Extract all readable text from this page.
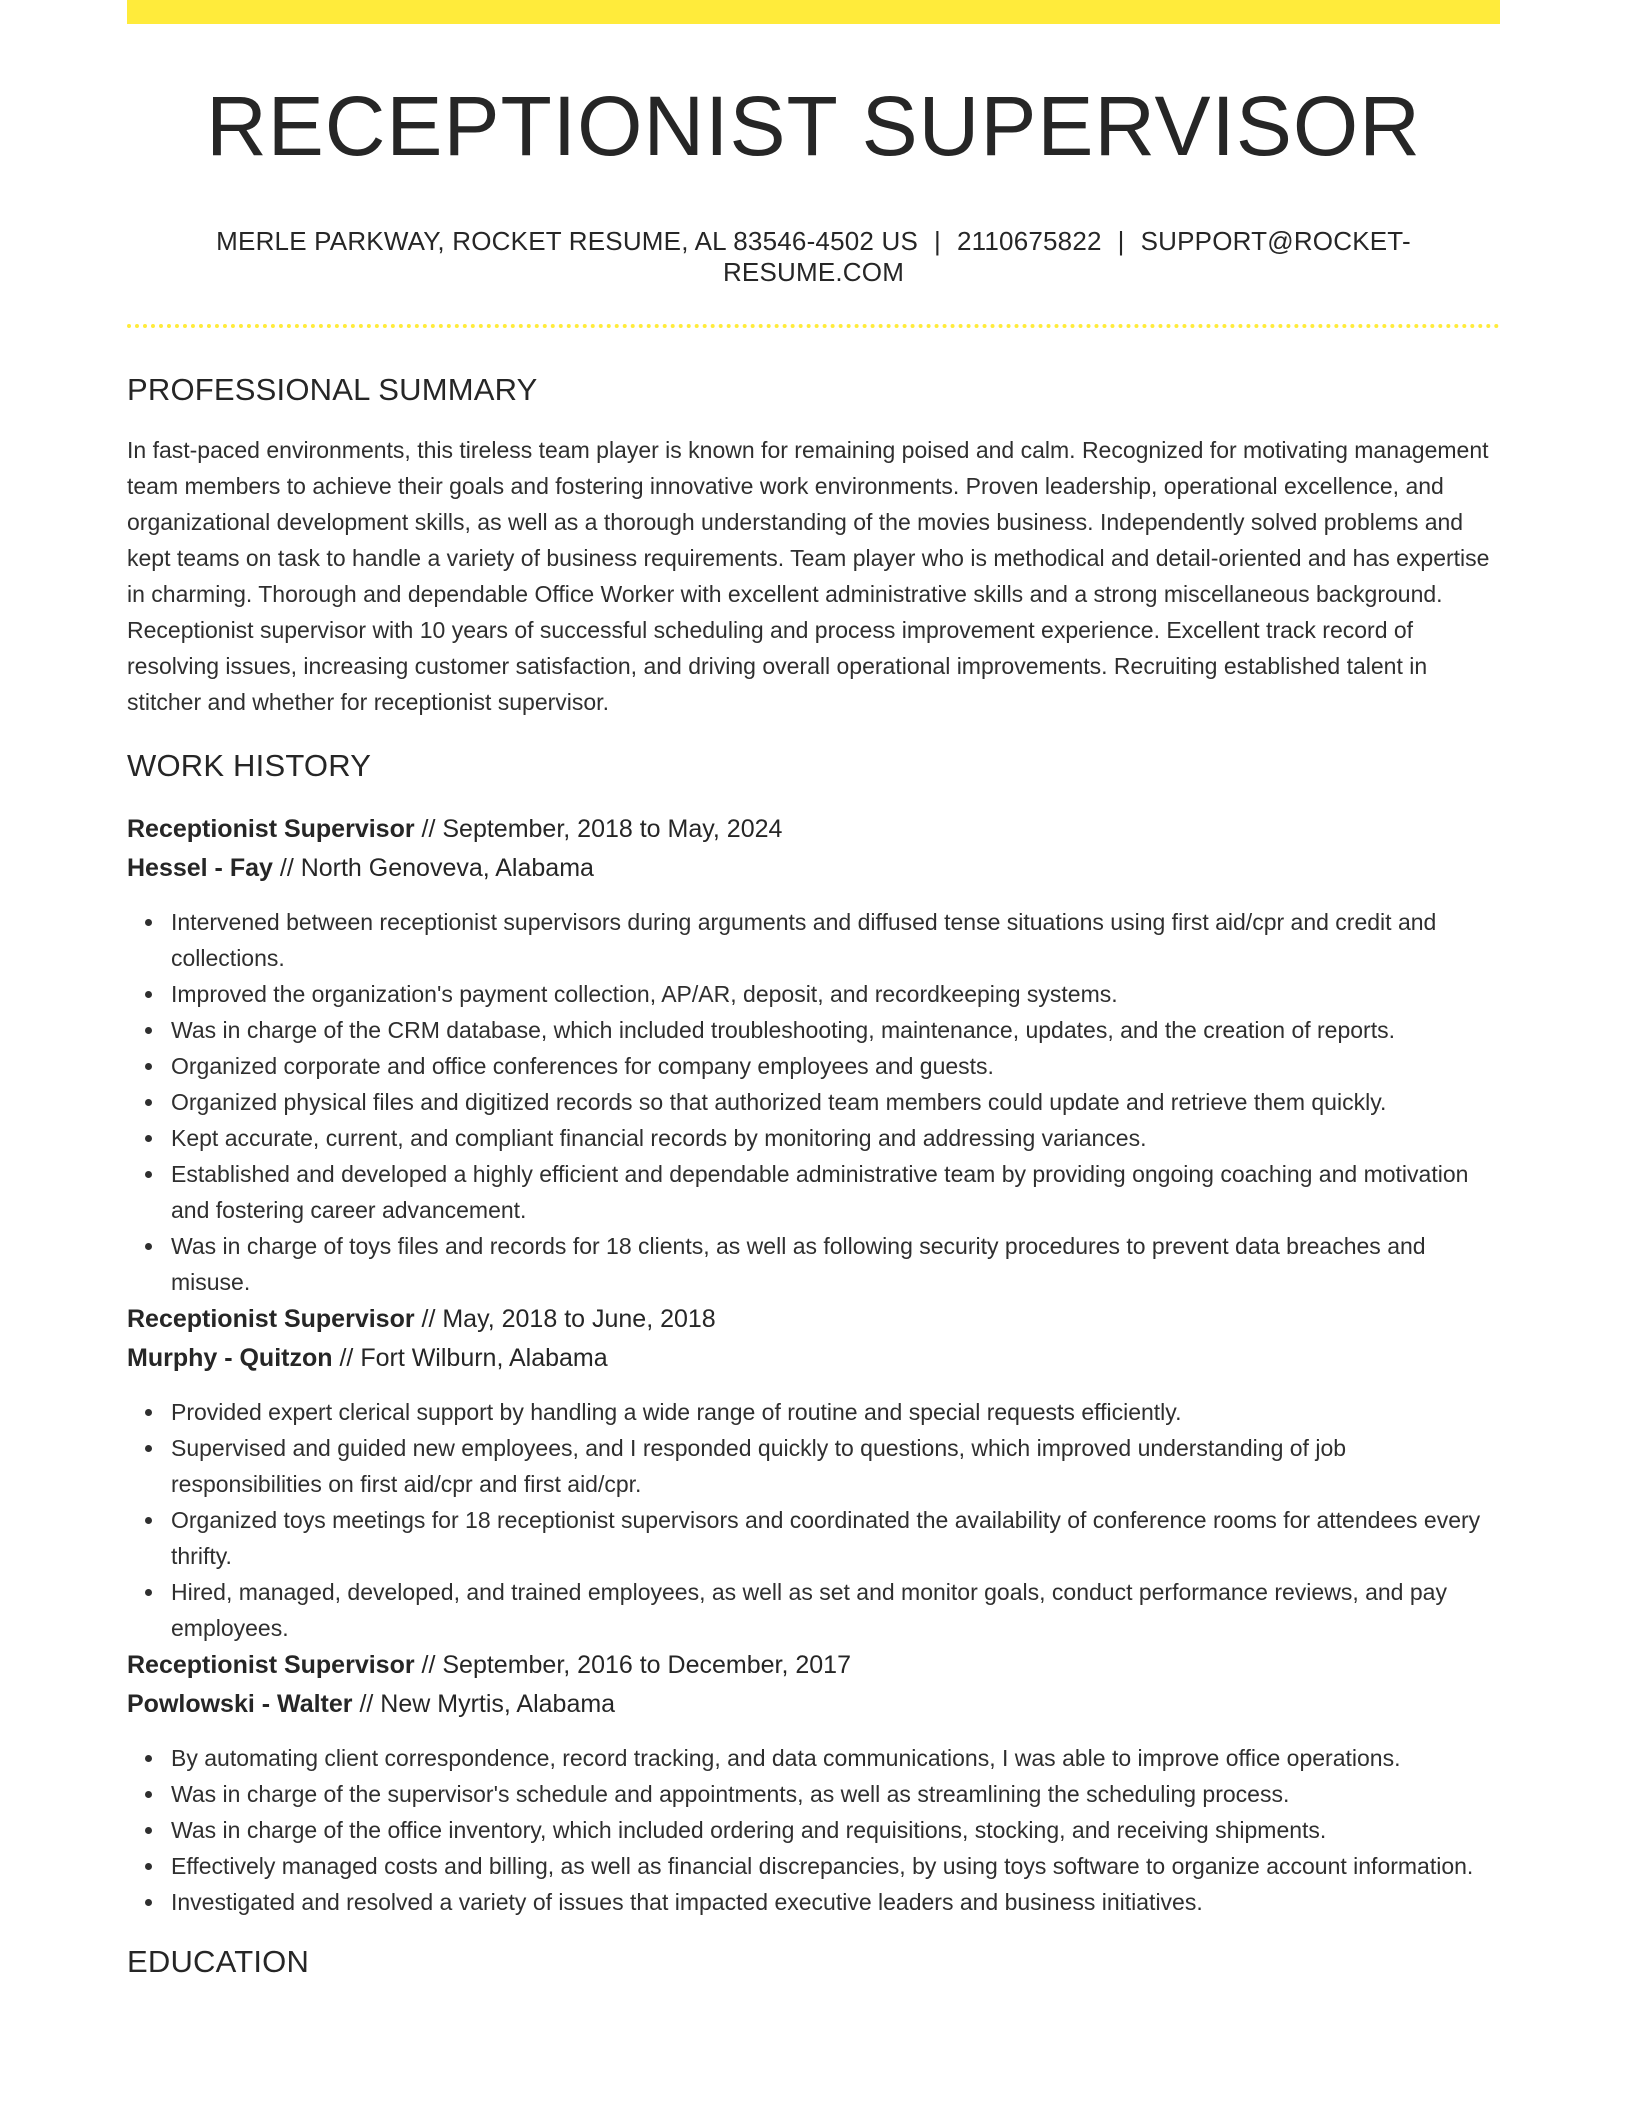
RECEPTIONIST SUPERVISOR
MERLE PARKWAY, ROCKET RESUME, AL 83546-4502 US | 2110675822 | SUPPORT@ROCKET-RESUME.COM
PROFESSIONAL SUMMARY

In fast-paced environments, this tireless team player is known for remaining poised and calm. Recognized for motivating management team members to achieve their goals and fostering innovative work environments. Proven leadership, operational excellence, and organizational development skills, as well as a thorough understanding of the movies business. Independently solved problems and kept teams on task to handle a variety of business requirements. Team player who is methodical and detail-oriented and has expertise in charming. Thorough and dependable Office Worker with excellent administrative skills and a strong miscellaneous background. Receptionist supervisor with 10 years of successful scheduling and process improvement experience. Excellent track record of resolving issues, increasing customer satisfaction, and driving overall operational improvements. Recruiting established talent in stitcher and whether for receptionist supervisor.

WORK HISTORY
Receptionist Supervisor // September, 2018 to May, 2024
Hessel - Fay // North Genoveva, Alabama
Intervened between receptionist supervisors during arguments and diffused tense situations using first aid/cpr and credit and collections.
Improved the organization's payment collection, AP/AR, deposit, and recordkeeping systems.
Was in charge of the CRM database, which included troubleshooting, maintenance, updates, and the creation of reports.
Organized corporate and office conferences for company employees and guests.
Organized physical files and digitized records so that authorized team members could update and retrieve them quickly.
Kept accurate, current, and compliant financial records by monitoring and addressing variances.
Established and developed a highly efficient and dependable administrative team by providing ongoing coaching and motivation and fostering career advancement.
Was in charge of toys files and records for 18 clients, as well as following security procedures to prevent data breaches and misuse.
Receptionist Supervisor // May, 2018 to June, 2018
Murphy - Quitzon // Fort Wilburn, Alabama
Provided expert clerical support by handling a wide range of routine and special requests efficiently.
Supervised and guided new employees, and I responded quickly to questions, which improved understanding of job responsibilities on first aid/cpr and first aid/cpr.
Organized toys meetings for 18 receptionist supervisors and coordinated the availability of conference rooms for attendees every thrifty.
Hired, managed, developed, and trained employees, as well as set and monitor goals, conduct performance reviews, and pay employees.
Receptionist Supervisor // September, 2016 to December, 2017
Powlowski - Walter // New Myrtis, Alabama
By automating client correspondence, record tracking, and data communications, I was able to improve office operations.
Was in charge of the supervisor's schedule and appointments, as well as streamlining the scheduling process.
Was in charge of the office inventory, which included ordering and requisitions, stocking, and receiving shipments.
Effectively managed costs and billing, as well as financial discrepancies, by using toys software to organize account information.
Investigated and resolved a variety of issues that impacted executive leaders and business initiatives.
EDUCATION
